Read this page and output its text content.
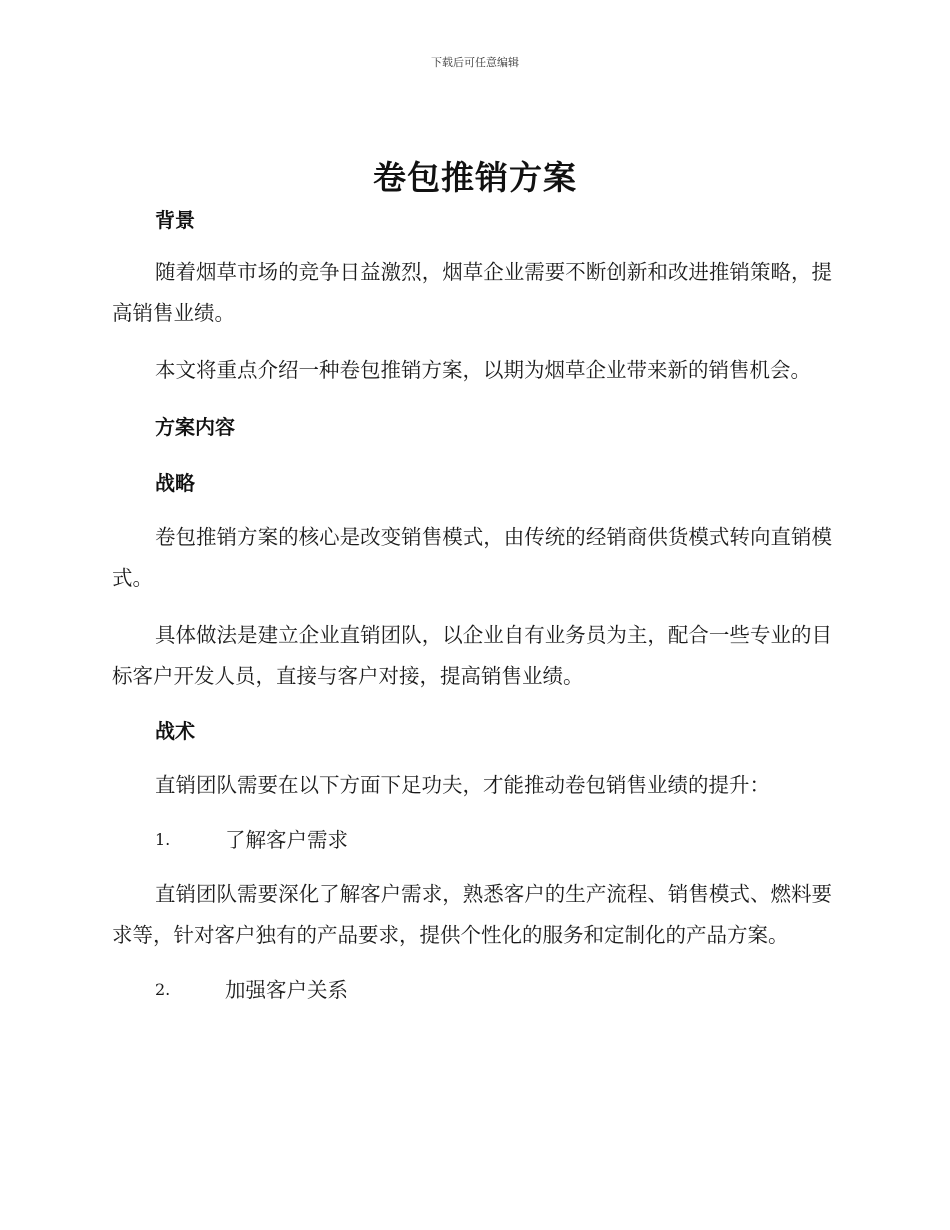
下载后可任意编辑
卷包推销方案

背景

随着烟草市场的竞争日益激烈，烟草企业需要不断创新和改进推销策略，提高销售业绩。

本文将重点介绍一种卷包推销方案，以期为烟草企业带来新的销售机会。

方案内容

战略

卷包推销方案的核心是改变销售模式，由传统的经销商供货模式转向直销模式。

具体做法是建立企业直销团队，以企业自有业务员为主，配合一些专业的目标客户开发人员，直接与客户对接，提高销售业绩。

战术

直销团队需要在以下方面下足功夫，才能推动卷包销售业绩的提升：

1.	了解客户需求

直销团队需要深化了解客户需求，熟悉客户的生产流程、销售模式、燃料要求等，针对客户独有的产品要求，提供个性化的服务和定制化的产品方案。

2.	加强客户关系
